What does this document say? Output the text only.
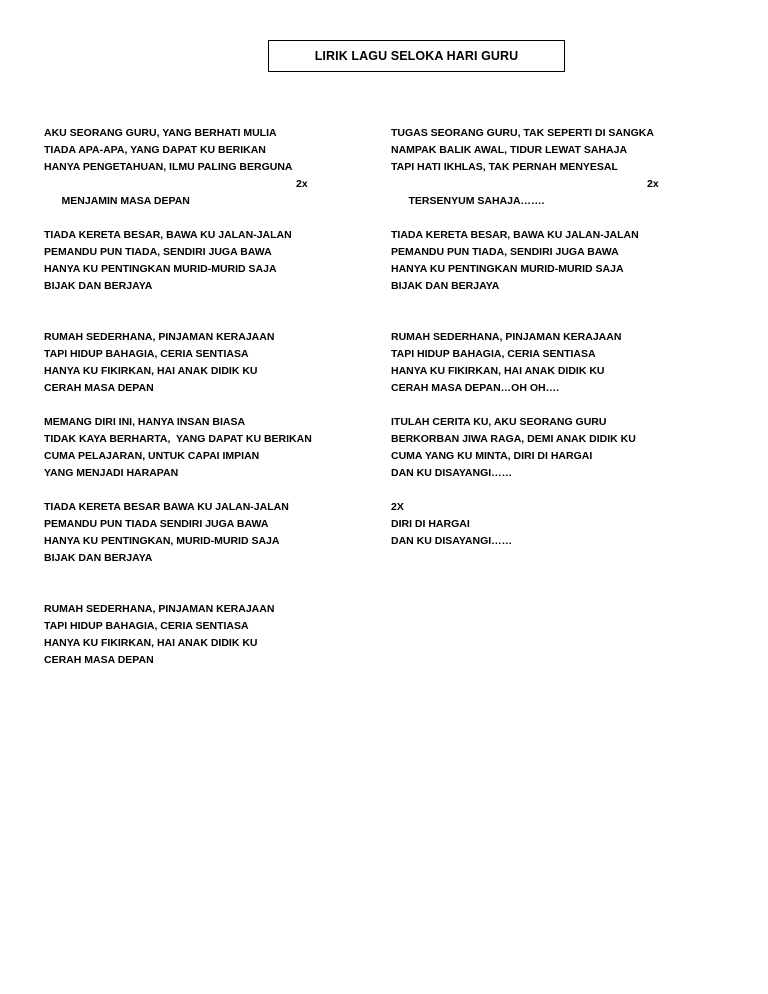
LIRIK LAGU SELOKA HARI GURU
AKU SEORANG GURU, YANG BERHATI MULIA
TIADA APA-APA, YANG DAPAT KU BERIKAN
HANYA PENGETAHUAN, ILMU PALING BERGUNA

MENJAMIN MASA DEPAN

2x

TIADA KERETA BESAR, BAWA KU JALAN-JALAN
PEMANDU PUN TIADA, SENDIRI JUGA BAWA
HANYA KU PENTINGKAN MURID-MURID SAJA
BIJAK DAN BERJAYA
RUMAH SEDERHANA, PINJAMAN KERAJAAN
TAPI HIDUP BAHAGIA, CERIA SENTIASA
HANYA KU FIKIRKAN, HAI ANAK DIDIK KU
CERAH MASA DEPAN
MEMANG DIRI INI, HANYA INSAN BIASA
TIDAK KAYA BERHARTA,  YANG DAPAT KU BERIKAN
CUMA PELAJARAN, UNTUK CAPAI IMPIAN
YANG MENJADI HARAPAN
TIADA KERETA BESAR BAWA KU JALAN-JALAN
PEMANDU PUN TIADA SENDIRI JUGA BAWA
HANYA KU PENTINGKAN, MURID-MURID SAJA
BIJAK DAN BERJAYA
RUMAH SEDERHANA, PINJAMAN KERAJAAN
TAPI HIDUP BAHAGIA, CERIA SENTIASA
HANYA KU FIKIRKAN, HAI ANAK DIDIK KU
CERAH MASA DEPAN
TUGAS SEORANG GURU, TAK SEPERTI DI SANGKA
NAMPAK BALIK AWAL, TIDUR LEWAT SAHAJA
TAPI HATI IKHLAS, TAK PERNAH MENYESAL

TERSENYUM SAHAJA…….

2x

TIADA KERETA BESAR, BAWA KU JALAN-JALAN
PEMANDU PUN TIADA, SENDIRI JUGA BAWA
HANYA KU PENTINGKAN MURID-MURID SAJA
BIJAK DAN BERJAYA
RUMAH SEDERHANA, PINJAMAN KERAJAAN
TAPI HIDUP BAHAGIA, CERIA SENTIASA
HANYA KU FIKIRKAN, HAI ANAK DIDIK KU
CERAH MASA DEPAN…OH OH….
ITULAH CERITA KU, AKU SEORANG GURU
BERKORBAN JIWA RAGA, DEMI ANAK DIDIK KU
CUMA YANG KU MINTA, DIRI DI HARGAI
DAN KU DISAYANGI……
2X
DIRI DI HARGAI
DAN KU DISAYANGI……
